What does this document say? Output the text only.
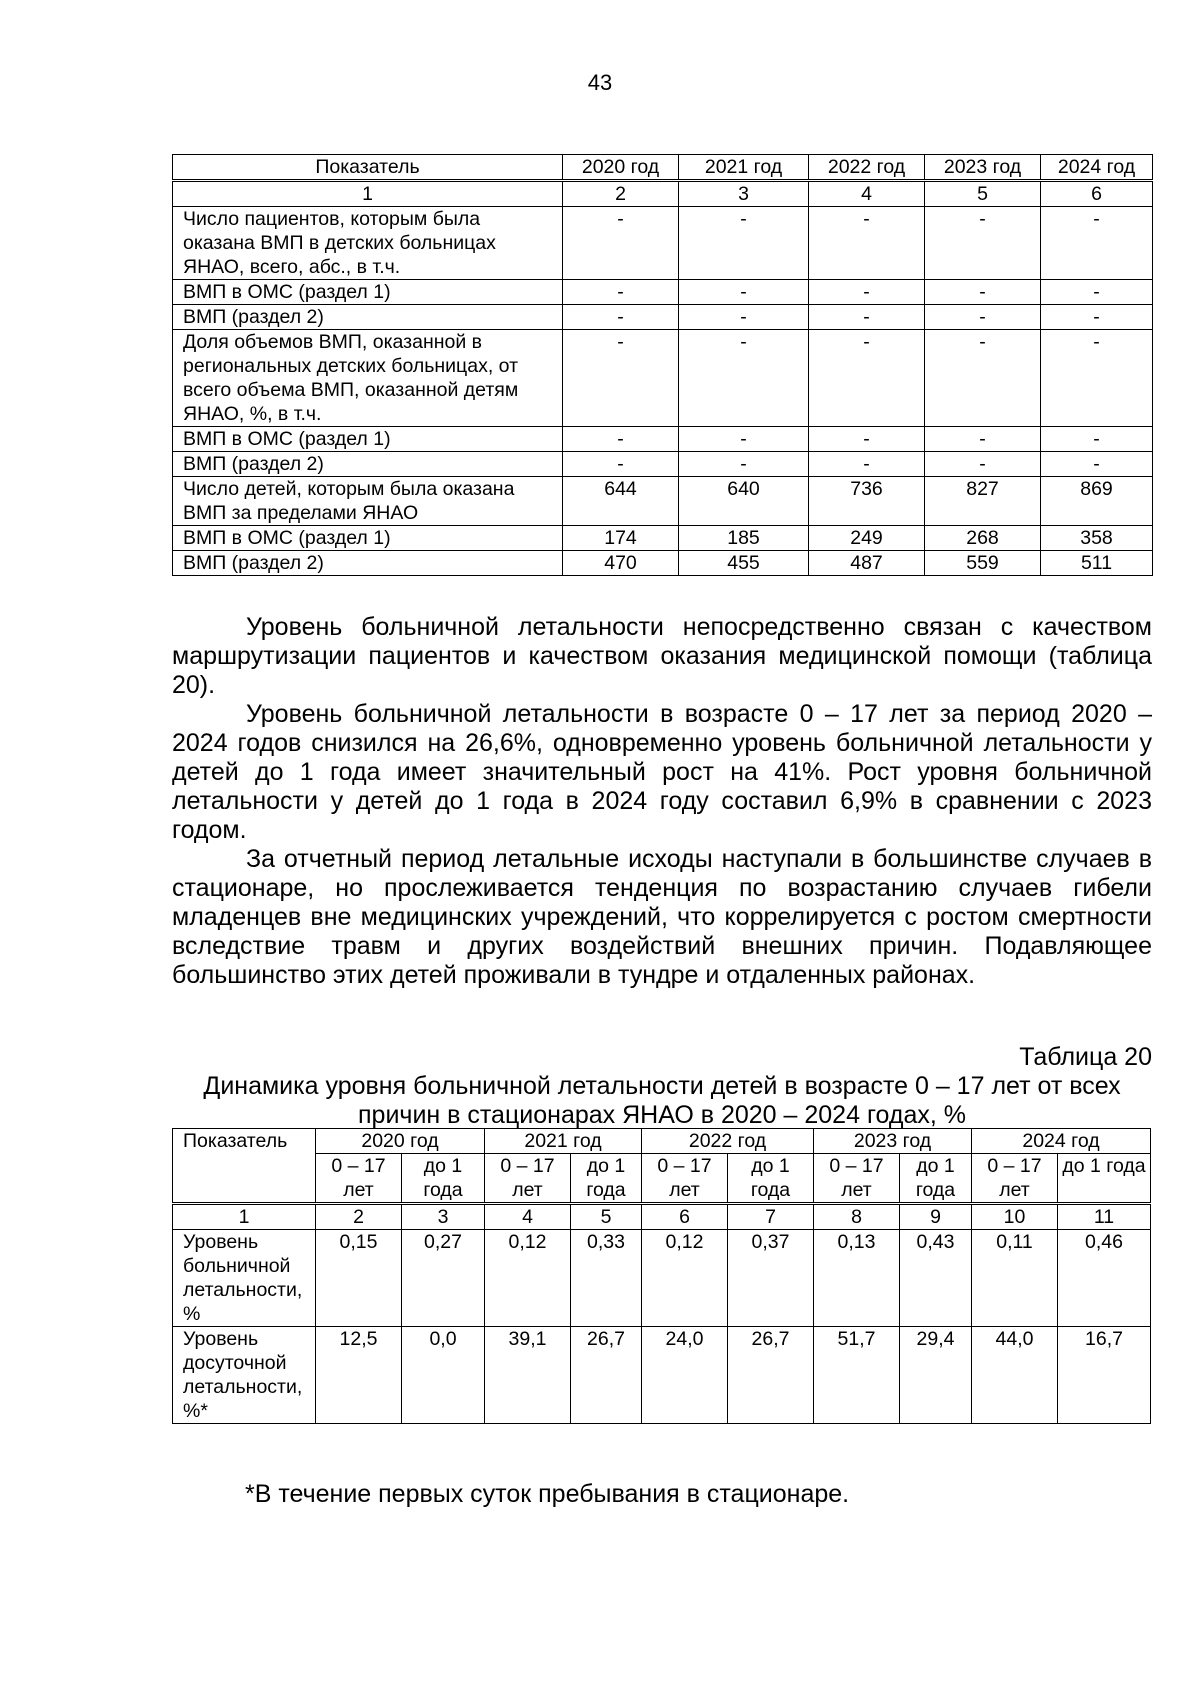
43
Показатель	2020 год	2021 год	2022 год	2023 год	2024 год
1	2	3	4	5	6
Число пациентов, которым была оказана ВМП в детских больницах ЯНАО, всего, абс., в т.ч.	-	-	-	-	-
ВМП в ОМС (раздел 1)	-	-	-	-	-
ВМП (раздел 2)	-	-	-	-	-
Доля объемов ВМП, оказанной в региональных детских больницах, от всего объема ВМП, оказанной детям ЯНАО, %, в т.ч.	-	-	-	-	-
ВМП в ОМС (раздел 1)	-	-	-	-	-
ВМП (раздел 2)	-	-	-	-	-
Число детей, которым была оказана ВМП за пределами ЯНАО	644	640	736	827	869
ВМП в ОМС (раздел 1)	174	185	249	268	358
ВМП (раздел 2)	470	455	487	559	511

Уровень больничной летальности непосредственно связан с качеством маршрутизации пациентов и качеством оказания медицинской помощи (таблица 20).

Уровень больничной летальности в возрасте 0 – 17 лет за период 2020 – 2024 годов снизился на 26,6%, одновременно уровень больничной летальности у детей до 1 года имеет значительный рост на 41%. Рост уровня больничной летальности у детей до 1 года в 2024 году составил 6,9% в сравнении с 2023 годом.

За отчетный период летальные исходы наступали в большинстве случаев в стационаре, но прослеживается тенденция по возрастанию случаев гибели младенцев вне медицинских учреждений, что коррелируется с ростом смертности вследствие травм и других воздействий внешних причин. Подавляющее большинство этих детей проживали в тундре и отдаленных районах.

Таблица 20
Динамика уровня больничной летальности детей в возрасте 0 – 17 лет от всех причин в стационарах ЯНАО в 2020 – 2024 годах, %
Показатель	2020 год		2021 год		2022 год		2023 год		2024 год	
	0 – 17 лет	до 1 года	0 – 17 лет	до 1 года	0 – 17 лет	до 1 года	0 – 17 лет	до 1 года	0 – 17 лет	до 1 года
1	2	3	4	5	6	7	8	9	10	11
Уровень больничной летальности, %	0,15	0,27	0,12	0,33	0,12	0,37	0,13	0,43	0,11	0,46
Уровень досуточной летальности, %*	12,5	0,0	39,1	26,7	24,0	26,7	51,7	29,4	44,0	16,7
*В течение первых суток пребывания в стационаре.
